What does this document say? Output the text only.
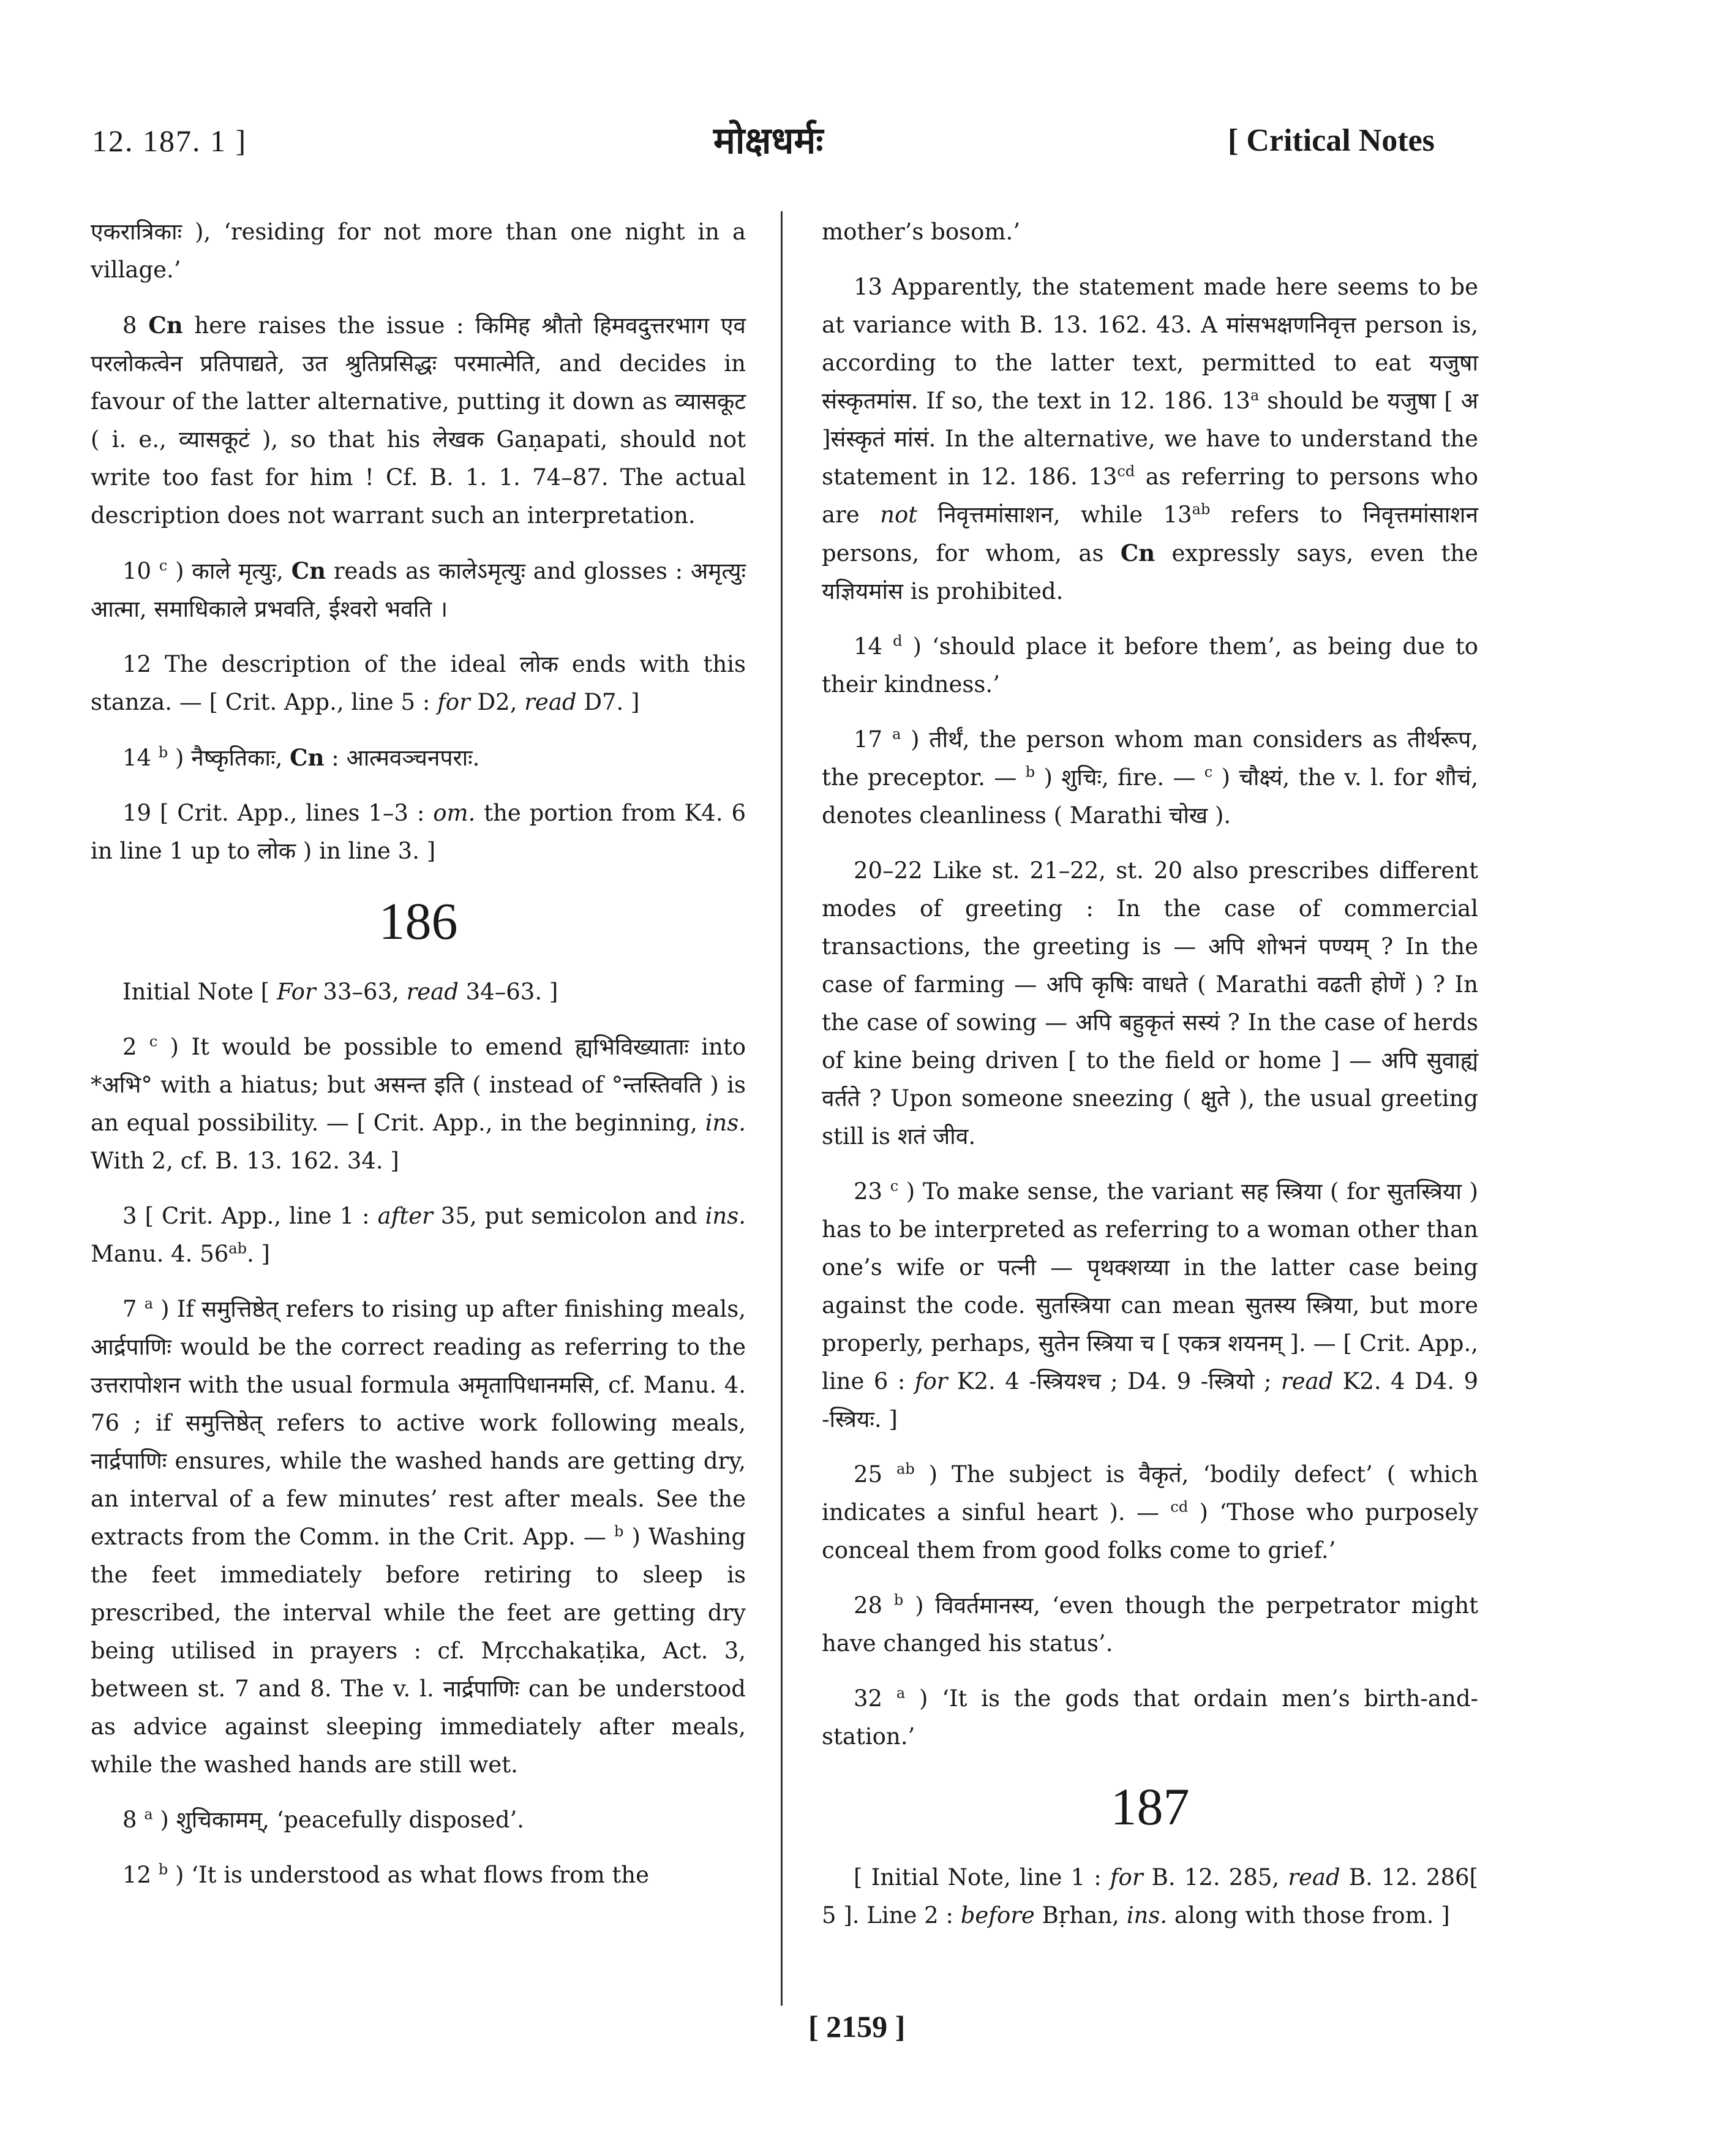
12. 187. 1 ]	मोक्षधर्मः	[ Critical Notes

एकरात्रिकाः ), ‘residing for not more than one night in a village.’

8 Cn here raises the issue : किमिह श्रौतो हिमवदुत्तरभाग एव परलोकत्वेन प्रतिपाद्यते, उत श्रुतिप्रसिद्धः परमात्मेति, and decides in favour of the latter alternative, putting it down as व्यासकूट ( i. e., व्यासकूटं ), so that his लेखक Gaṇapati, should not write too fast for him ! Cf. B. 1. 1. 74–87. The actual description does not warrant such an interpretation.

10 $^c$ ) काले मृत्युः, Cn reads as कालेऽमृत्युः and glosses : अमृत्युः आत्मा, समाधिकाले प्रभवति, ईश्वरो भवति ।

12 The description of the ideal लोक ends with this stanza. — [ Crit. App., line 5 : for D2, read D7. ]

14 $^b$ ) नैष्कृतिकाः, Cn : आत्मवञ्चनपराः.

19 [ Crit. App., lines 1–3 : om. the portion from K4. 6 in line 1 up to लोक ) in line 3. ]

186

Initial Note [ For 33–63, read 34–63. ]

2 $^c$ ) It would be possible to emend ह्यभिविख्याताः into *अभि° with a hiatus; but असन्त इति ( instead of °न्तस्तिवति ) is an equal possibility. — [ Crit. App., in the beginning, ins. With 2, cf. B. 13. 162. 34. ]

3 [ Crit. App., line 1 : after 35, put semicolon and ins. Manu. 4. $56^{ab}$. ]

7 $^a$ ) If समुत्तिष्ठेत् refers to rising up after finishing meals, आर्द्रपाणिः would be the correct reading as referring to the उत्तरापोशन with the usual formula अमृतापिधानमसि, cf. Manu. 4. 76 ; if समुत्तिष्ठेत् refers to active work following meals, नार्द्रपाणिः ensures, while the washed hands are getting dry, an interval of a few minutes’ rest after meals. See the extracts from the Comm. in the Crit. App. — $^b$ ) Washing the feet immediately before retiring to sleep is prescribed, the interval while the feet are getting dry being utilised in prayers : cf. Mṛcchakaṭika, Act. 3, between st. 7 and 8. The v. l. नार्द्रपाणिः can be understood as advice against sleeping immediately after meals, while the washed hands are still wet.

8 $^a$ ) शुचिकामम्, ‘peacefully disposed’.

12 $^b$ ) ‘It is understood as what flows from the

mother’s bosom.’

13 Apparently, the statement made here seems to be at variance with B. 13. 162. 43. A मांसभक्षणनिवृत्त person is, according to the latter text, permitted to eat यजुषा संस्कृतमांस. If so, the text in 12. 186. 13$^a$ should be यजुषा [ अ ]संस्कृतं मांसं. In the alternative, we have to understand the statement in 12. 186. $13^{cd}$ as referring to persons who are not निवृत्तमांसाशन, while $13^{ab}$ refers to निवृत्तमांसाशन persons, for whom, as Cn expressly says, even the यज्ञियमांस is prohibited.

14 $^d$ ) ‘should place it before them’, as being due to their kindness.’

17 $^a$ ) तीर्थं, the person whom man considers as तीर्थरूप, the preceptor. — $^b$ ) शुचिः, fire. — $^c$ ) चौक्ष्यं, the v. l. for शौचं, denotes cleanliness ( Marathi चोख ).

20–22 Like st. 21–22, st. 20 also prescribes different modes of greeting : In the case of commercial transactions, the greeting is — अपि शोभनं पण्यम् ? In the case of farming — अपि कृषिः वाधते ( Marathi वढती होणें ) ? In the case of sowing — अपि बहुकृतं सस्यं ? In the case of herds of kine being driven [ to the field or home ] — अपि सुवाह्यं वर्तते ? Upon someone sneezing ( क्षुते ), the usual greeting still is शतं जीव.

23 $^c$ ) To make sense, the variant सह स्त्रिया ( for सुतस्त्रिया ) has to be interpreted as referring to a woman other than one’s wife or पत्नी — पृथक्शय्या in the latter case being against the code. सुतस्त्रिया can mean सुतस्य स्त्रिया, but more properly, perhaps, सुतेन स्त्रिया च [ एकत्र शयनम् ]. — [ Crit. App., line 6 : for K2. 4 -स्त्रियश्च ; D4. 9 -स्त्रियो ; read K2. 4 D4. 9 -स्त्रियः. ]

25 $^{ab}$ ) The subject is वैकृतं, ‘bodily defect’ ( which indicates a sinful heart ). — $^{cd}$ ) ‘Those who purposely conceal them from good folks come to grief.’

28 $^b$ ) विवर्तमानस्य, ‘even though the perpetrator might have changed his status’.

32 $^a$ ) ‘It is the gods that ordain men’s birth-and-station.’

187

[ Initial Note, line 1 : for B. 12. 285, read B. 12. 286[ 5 ]. Line 2 : before Bṛhan, ins. along with those from. ]

[ 2159 ]
